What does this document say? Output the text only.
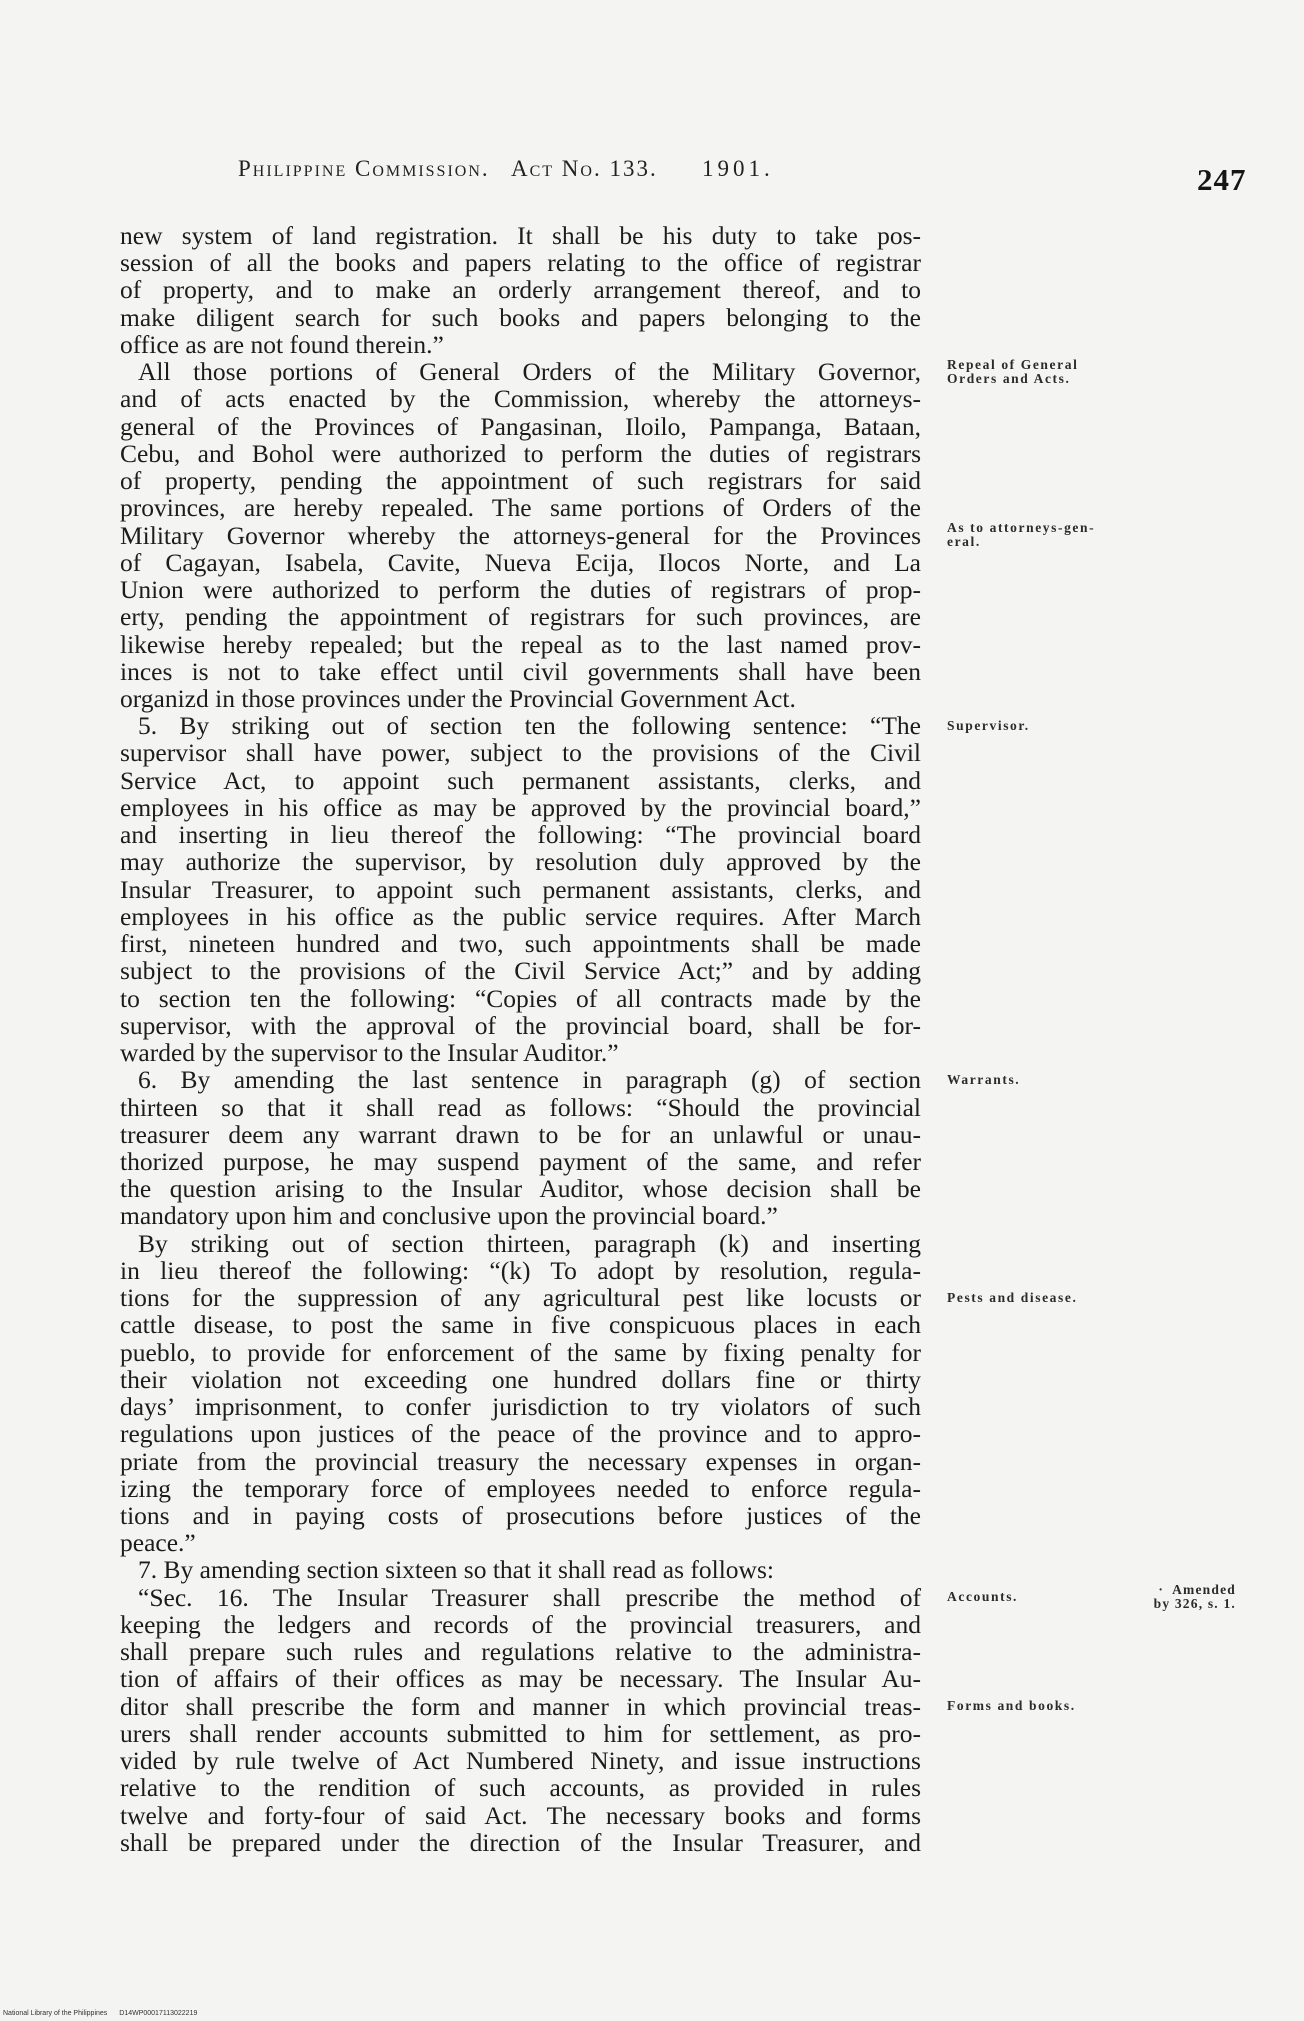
Philippine Commission. Act No. 133. 1901.	247
new system of land registration. It shall be his duty to take pos-
session of all the books and papers relating to the office of registrar
of property, and to make an orderly arrangement thereof, and to
make diligent search for such books and papers belonging to the
office as are not found therein.”
All those portions of General Orders of the Military Governor, Repeal of General
Orders and Acts.
and of acts enacted by the Commission, whereby the attorneys-
general of the Provinces of Pangasinan, Iloilo, Pampanga, Bataan,
Cebu, and Bohol were authorized to perform the duties of registrars
of property, pending the appointment of such registrars for said
provinces, are hereby repealed. The same portions of Orders of the
Military Governor whereby the attorneys-general for the Provinces As to attorneys-gen-
eral.
of Cagayan, Isabela, Cavite, Nueva Ecija, Ilocos Norte, and La
Union were authorized to perform the duties of registrars of prop-
erty, pending the appointment of registrars for such provinces, are
likewise hereby repealed; but the repeal as to the last named prov-
inces is not to take effect until civil governments shall have been
organizd in those provinces under the Provincial Government Act.
5. By striking out of section ten the following sentence: “The Supervisor.
supervisor shall have power, subject to the provisions of the Civil
Service Act, to appoint such permanent assistants, clerks, and
employees in his office as may be approved by the provincial board,”
and inserting in lieu thereof the following: “The provincial board
may authorize the supervisor, by resolution duly approved by the
Insular Treasurer, to appoint such permanent assistants, clerks, and
employees in his office as the public service requires. After March
first, nineteen hundred and two, such appointments shall be made
subject to the provisions of the Civil Service Act;” and by adding
to section ten the following: “Copies of all contracts made by the
supervisor, with the approval of the provincial board, shall be for-
warded by the supervisor to the Insular Auditor.”
6. By amending the last sentence in paragraph (g) of section Warrants.
thirteen so that it shall read as follows: “Should the provincial
treasurer deem any warrant drawn to be for an unlawful or unau-
thorized purpose, he may suspend payment of the same, and refer
the question arising to the Insular Auditor, whose decision shall be
mandatory upon him and conclusive upon the provincial board.”
By striking out of section thirteen, paragraph (k) and inserting
in lieu thereof the following: “(k) To adopt by resolution, regula-
tions for the suppression of any agricultural pest like locusts or Pests and disease.
cattle disease, to post the same in five conspicuous places in each
pueblo, to provide for enforcement of the same by fixing penalty for
their violation not exceeding one hundred dollars fine or thirty
days’ imprisonment, to confer jurisdiction to try violators of such
regulations upon justices of the peace of the province and to appro-
priate from the provincial treasury the necessary expenses in organ-
izing the temporary force of employees needed to enforce regula-
tions and in paying costs of prosecutions before justices of the
peace.”
7. By amending section sixteen so that it shall read as follows:
“Sec. 16. The Insular Treasurer shall prescribe the method of Accounts.	· Amended
by 326, s. 1.
keeping the ledgers and records of the provincial treasurers, and
shall prepare such rules and regulations relative to the administra-
tion of affairs of their offices as may be necessary. The Insular Au-
ditor shall prescribe the form and manner in which provincial treas- Forms and books.
urers shall render accounts submitted to him for settlement, as pro-
vided by rule twelve of Act Numbered Ninety, and issue instructions
relative to the rendition of such accounts, as provided in rules
twelve and forty-four of said Act. The necessary books and forms
shall be prepared under the direction of the Insular Treasurer, and
National Library of the Philippines D14WP00017113022219
